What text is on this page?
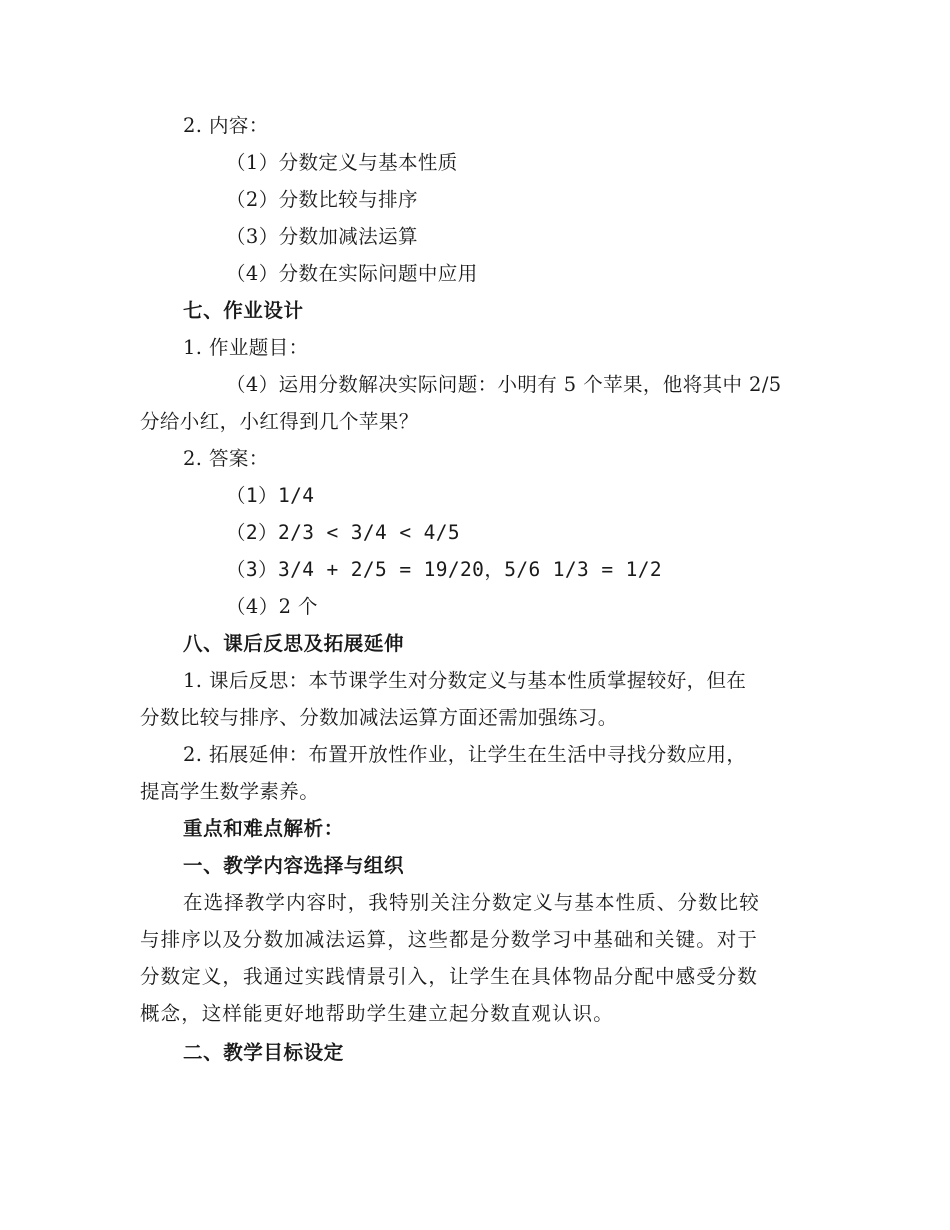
2. 内容：
（1）分数定义与基本性质
（2）分数比较与排序
（3）分数加减法运算
（4）分数在实际问题中应用
七、作业设计
1. 作业题目：
（4）运用分数解决实际问题：小明有 5 个苹果，他将其中 2/5
分给小红，小红得到几个苹果？
2. 答案：
（1）1/4
（2）2/3 < 3/4 < 4/5
（3）3/4 + 2/5 = 19/20，5/6 1/3 = 1/2
（4）2 个
八、课后反思及拓展延伸
1. 课后反思：本节课学生对分数定义与基本性质掌握较好，但在
分数比较与排序、分数加减法运算方面还需加强练习。
2. 拓展延伸：布置开放性作业，让学生在生活中寻找分数应用，
提高学生数学素养。
重点和难点解析：
一、教学内容选择与组织
在选择教学内容时，我特别关注分数定义与基本性质、分数比较
与排序以及分数加减法运算，这些都是分数学习中基础和关键。对于
分数定义，我通过实践情景引入，让学生在具体物品分配中感受分数
概念，这样能更好地帮助学生建立起分数直观认识。
二、教学目标设定
